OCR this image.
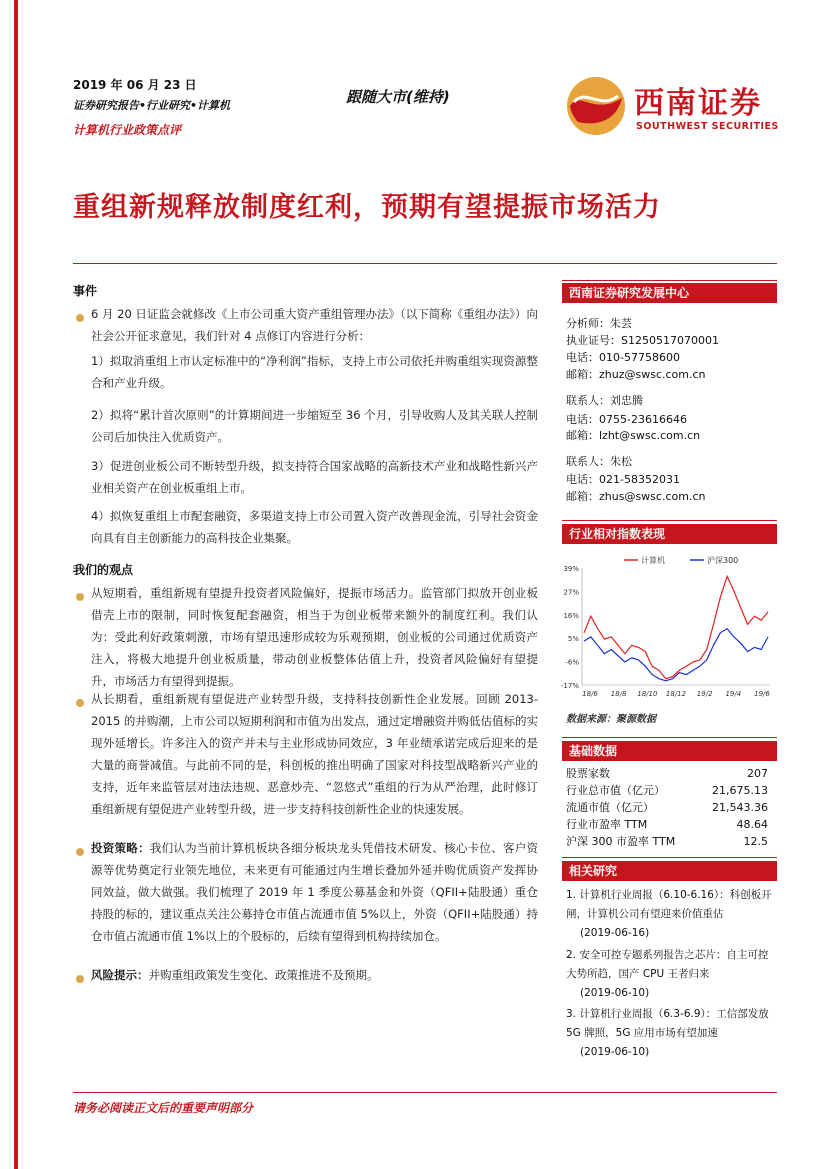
2019 年 06 月 23 日
证券研究报告•行业研究•计算机
计算机行业政策点评
跟随大市(维持)	西南证券
SOUTHWEST SECURITIES
重组新规释放制度红利，预期有望提振市场活力
事件
6 月 20 日证监会就修改《上市公司重大资产重组管理办法》（以下简称《重组办法》）向社会公开征求意见，我们针对 4 点修订内容进行分析：
1）拟取消重组上市认定标准中的“净利润”指标，支持上市公司依托并购重组实现资源整合和产业升级。
2）拟将“累计首次原则”的计算期间进一步缩短至 36 个月，引导收购人及其关联人控制公司后加快注入优质资产。
3）促进创业板公司不断转型升级，拟支持符合国家战略的高新技术产业和战略性新兴产业相关资产在创业板重组上市。
4）拟恢复重组上市配套融资，多渠道支持上市公司置入资产改善现金流，引导社会资金向具有自主创新能力的高科技企业集聚。
我们的观点
从短期看，重组新规有望提升投资者风险偏好，提振市场活力。监管部门拟放开创业板借壳上市的限制，同时恢复配套融资，相当于为创业板带来额外的制度红利。我们认为：受此利好政策刺激，市场有望迅速形成较为乐观预期，创业板的公司通过优质资产注入，将极大地提升创业板质量，带动创业板整体估值上升，投资者风险偏好有望提升，市场活力有望得到提振。
从长期看，重组新规有望促进产业转型升级，支持科技创新性企业发展。回顾 2013-2015 的并购潮，上市公司以短期利润和市值为出发点，通过定增融资并购低估值标的实现外延增长。许多注入的资产并未与主业形成协同效应，3 年业绩承诺完成后迎来的是大量的商誉减值。与此前不同的是，科创板的推出明确了国家对科技型战略新兴产业的支持，近年来监管层对违法违规、恶意炒壳、“忽悠式”重组的行为从严治理，此时修订重组新规有望促进产业转型升级，进一步支持科技创新性企业的快速发展。
投资策略：我们认为当前计算机板块各细分板块龙头凭借技术研发、核心卡位、客户资源等优势奠定行业领先地位，未来更有可能通过内生增长叠加外延并购优质资产发挥协同效益，做大做强。我们梳理了 2019 年 1 季度公募基金和外资（QFII+陆股通）重仓持股的标的，建议重点关注公募持仓市值占流通市值 5%以上，外资（QFII+陆股通）持仓市值占流通市值 1%以上的个股标的，后续有望得到机构持续加仓。
风险提示：并购重组政策发生变化、政策推进不及预期。
西南证券研究发展中心
分析师：朱芸
执业证号：S1250517070001
电话：010-57758600
邮箱：zhuz@swsc.com.cn
联系人：刘忠腾
电话：0755-23616646
邮箱：lzht@swsc.com.cn
联系人：朱松
电话：021-58352031
邮箱：zhus@swsc.com.cn
行业相对指数表现
39%
27%
16%
5%
-6%
-17%
18/6 18/8 18/10 18/12 19/2 19/4 19/6
计算机	沪深300
数据来源：聚源数据
基础数据
股票家数	207
行业总市值（亿元）	21,675.13
流通市值（亿元）	21,543.36
行业市盈率 TTM	48.64
沪深 300 市盈率 TTM	12.5
相关研究
1. 计算机行业周报（6.10-6.16）：科创板开闸，计算机公司有望迎来价值重估
(2019-06-16)
2. 安全可控专题系列报告之芯片：自主可控大势所趋，国产 CPU 王者归来
(2019-06-10)
3. 计算机行业周报（6.3-6.9）：工信部发放 5G 牌照，5G 应用市场有望加速
(2019-06-10)
请务必阅读正文后的重要声明部分
